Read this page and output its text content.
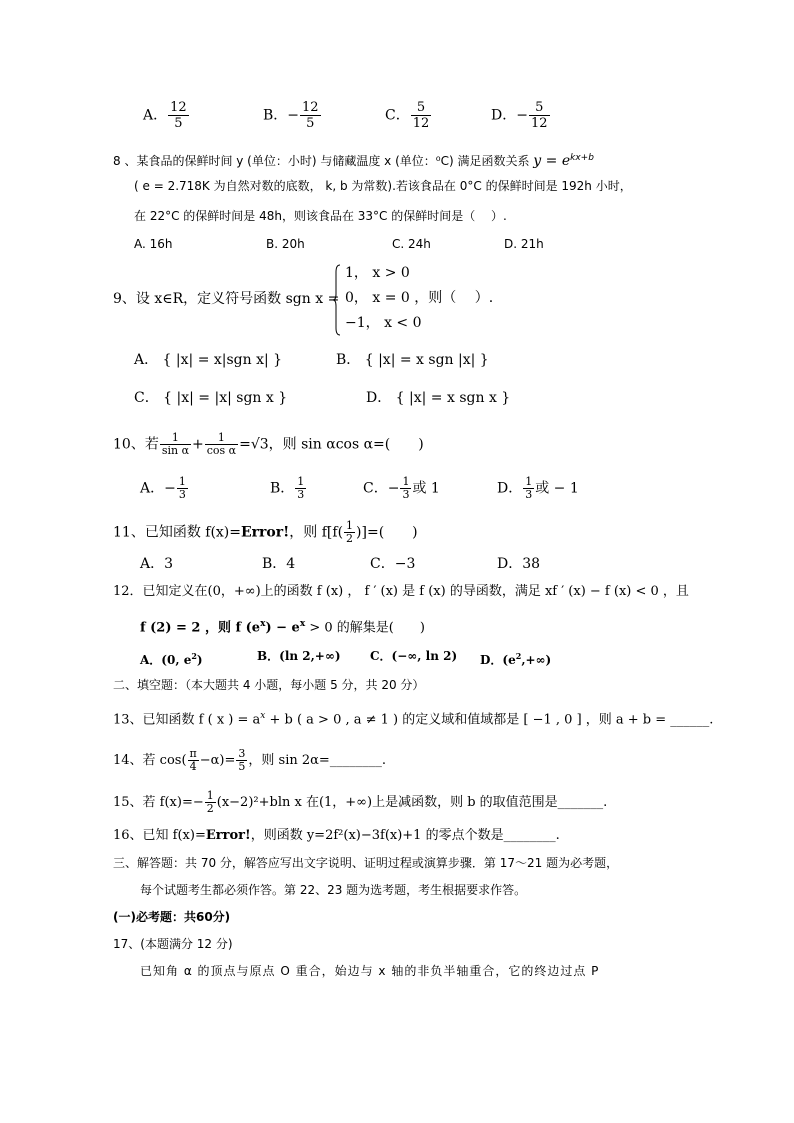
A． $\frac{12}{5}$	B．− $\frac{12}{5}$	C． $\frac{5}{12}$	D．− $\frac{5}{12}$
8 、某食品的保鲜时间 y (单位：小时) 与储藏温度 x (单位：⁰C) 满足函数关系 $y = e^{kx+b}$
( e = 2.718K 为自然对数的底数， k, b 为常数).若该食品在 0°C 的保鲜时间是 192h 小时，
在 22°C 的保鲜时间是 48h，则该食品在 33°C 的保鲜时间是（　 ）.
A. 16h	B. 20h	C. 24h	D. 21h
9、设 x∈R，定义符号函数 sgn x =
1， x > 0
0， x = 0 ，则（　 ）.
−1， x < 0
A． { |x| = x|sgn x| }	B． { |x| = x sgn |x| }
C． { |x| = |x| sgn x }	D． { |x| = x sgn x }
10、若 $\frac{1}{\text{sin α}} + \frac{1}{\text{cos α}} =√3$，则 sin αcos α=(　　)
A．− $\frac{1}{3}$	B． $\frac{1}{3}$	C．− $\frac{1}{3}$ 或 1	D． $\frac{1}{3}$ 或 − 1
11、已知函数 f(x)=Error!，则 $f[f( \frac{1}{2}$ )]=(　　)
A．3	B．4	C．−3	D．38
12．已知定义在(0，+∞)上的函数 f (x) ， f ′ (x) 是 f (x) 的导函数，满足 xf ′ (x) − f (x) < 0 ，且
f (2) = 2 ，则 f $(e^x) - e^x > 0$ 的解集是(　　)
A．(0, $e^2$)	B．(ln 2,+∞) C．(−∞, ln 2) D．$(e^2,+\infty)$
二、填空题：（本大题共 4 小题，每小题 5 分，共 20 分）
13、已知函数 f ( x ) = $a^x + b$ ( a > 0 , a ≠ 1 ) 的定义域和值域都是 [ −1 , 0 ] ，则 a + b = ______.
14、若 $\cos( \frac{\pi}{4} -\alpha)= \frac{3}{5}$ ，则 sin 2α=________.
15、若 $f(x)=- \frac{1}{2} (x-2)^2+bln$ x 在(1，+∞)上是减函数，则 b 的取值范围是_______.
16、已知 f(x)=Error!，则函数 y=2f²(x)−3f(x)+1 的零点个数是________.
三、解答题：共 70 分，解答应写出文字说明、证明过程或演算步骤．第 17～21 题为必考题，
每个试题考生都必须作答。第 22、23 题为选考题，考生根据要求作答。
(一)必考题：共60分)
17、(本题满分 12 分)
已知角 α 的顶点与原点 O 重合，始边与 x 轴的非负半轴重合，它的终边过点 P
